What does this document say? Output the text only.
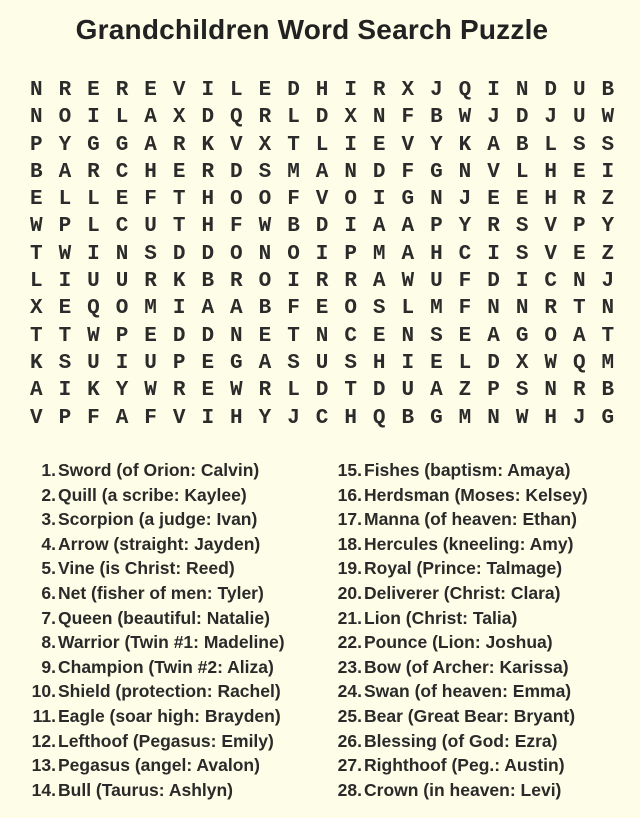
Grandchildren Word Search Puzzle
N R E R E V I L E D H I R X J Q I N D U B
N O I L A X D Q R L D X N F B W J D J U W
P Y G G A R K V X T L I E V Y K A B L S S
B A R C H E R D S M A N D F G N V L H E I
E L L E F T H O O F V O I G N J E E H R Z
W P L C U T H F W B D I A A P Y R S V P Y
T W I N S D D O N O I P M A H C I S V E Z
L I U U R K B R O I R R A W U F D I C N J
X E Q O M I A A B F E O S L M F N N R T N
T T W P E D D N E T N C E N S E A G O A T
K S U I U P E G A S U S H I E L D X W Q M
A I K Y W R E W R L D T D U A Z P S N R B
V P F A F V I H Y J C H Q B G M N W H J G
1. Sword (of Orion: Calvin)
2. Quill (a scribe: Kaylee)
3. Scorpion (a judge: Ivan)
4. Arrow (straight: Jayden)
5. Vine (is Christ: Reed)
6. Net (fisher of men: Tyler)
7. Queen (beautiful: Natalie)
8. Warrior (Twin #1: Madeline)
9. Champion (Twin #2: Aliza)
10. Shield (protection: Rachel)
11. Eagle (soar high: Brayden)
12. Lefthoof (Pegasus: Emily)
13. Pegasus (angel: Avalon)
14. Bull (Taurus: Ashlyn)
15. Fishes (baptism: Amaya)
16. Herdsman (Moses: Kelsey)
17. Manna (of heaven: Ethan)
18. Hercules (kneeling: Amy)
19. Royal (Prince: Talmage)
20. Deliverer (Christ: Clara)
21. Lion (Christ: Talia)
22. Pounce (Lion: Joshua)
23. Bow (of Archer: Karissa)
24. Swan (of heaven: Emma)
25. Bear (Great Bear: Bryant)
26. Blessing (of God: Ezra)
27. Righthoof (Peg.: Austin)
28. Crown (in heaven: Levi)
